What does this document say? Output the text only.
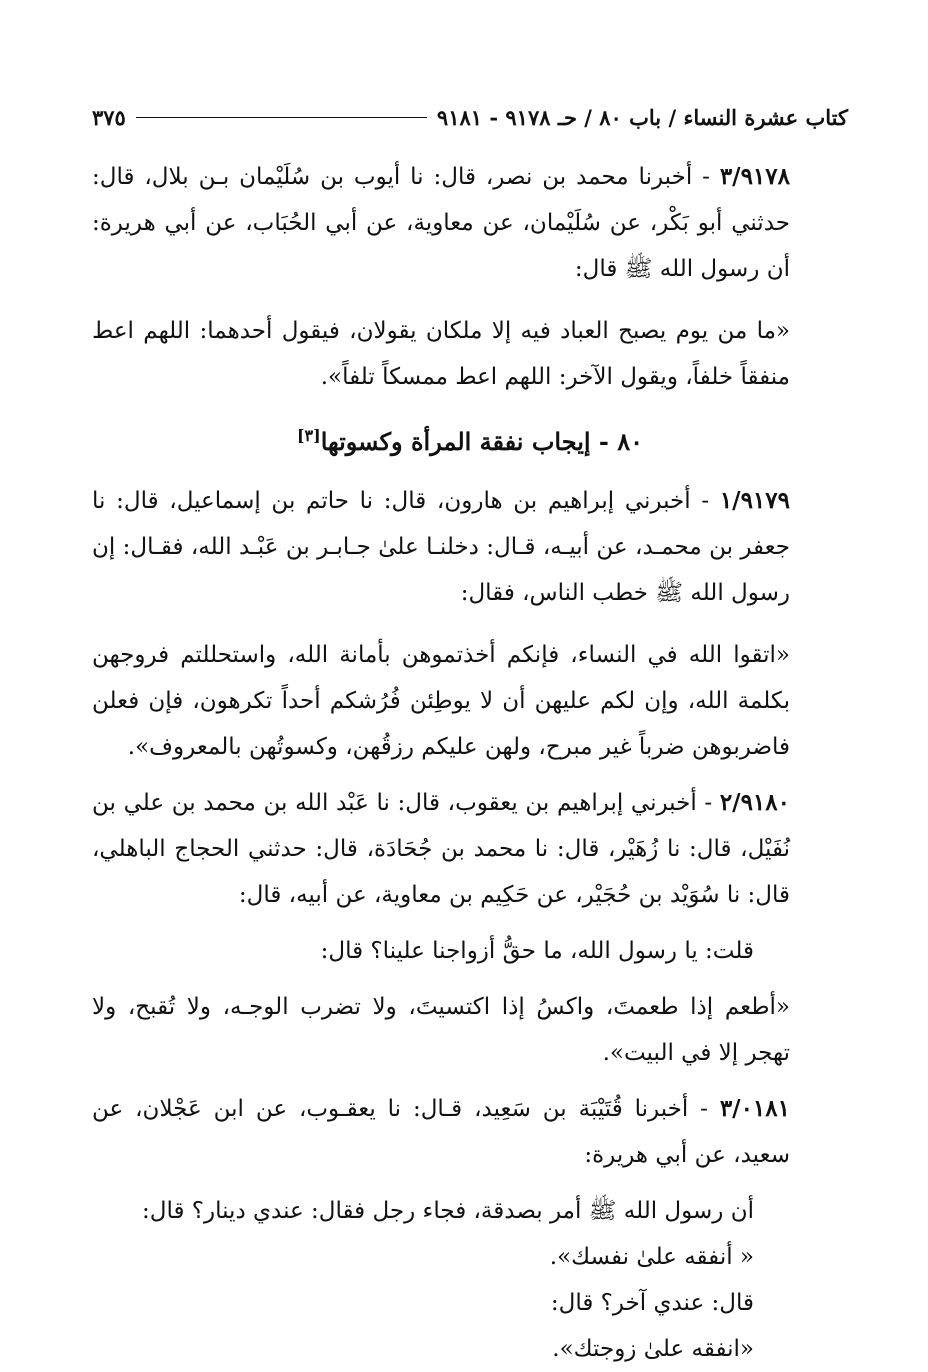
كتاب عشرة النساء / باب ٨٠ / حـ ٩١٧٨ - ٩١٨١
٣٧٥

٣/٩١٧٨ - أخبرنا محمد بن نصر، قال: نا أيوب بن سُلَيْمان بـن بلال، قال: حدثني أبو بَكْر، عن سُلَيْمان، عن معاوية، عن أبي الحُبَاب، عن أبي هريرة: أن رسول الله ﷺ قال:

«ما من يوم يصبح العباد فيه إلا ملكان يقولان، فيقول أحدهما: اللهم اعط منفقاً خلفاً، ويقول الآخر: اللهم اعط ممسكاً تلفاً».

٨٠ - إيجاب نفقة المرأة وكسوتها[٣]

١/٩١٧٩ - أخبرني إبراهيم بن هارون، قال: نا حاتم بن إسماعيل، قال: نا جعفر بن محمـد، عن أبيـه، قـال: دخلنـا علىٰ جـابـر بن عَبْـد الله، فقـال: إن رسول الله ﷺ خطب الناس، فقال:

«اتقوا الله في النساء، فإنكم أخذتموهن بأمانة الله، واستحللتم فروجهن بكلمة الله، وإن لكم عليهن أن لا يوطِئن فُرُشكم أحداً تكرهون، فإن فعلن فاضربوهن ضرباً غير مبرح، ولهن عليكم رزقُهن، وكسوتُهن بالمعروف».

٢/٩١٨٠ - أخبرني إبراهيم بن يعقوب، قال: نا عَبْد الله بن محمد بن علي بن نُفَيْل، قال: نا زُهَيْر، قال: نا محمد بن جُحَادَة، قال: حدثني الحجاج الباهلي، قال: نا سُوَيْد بن حُجَيْر، عن حَكِيم بن معاوية، عن أبيه، قال:

قلت: يا رسول الله، ما حقُّ أزواجنا علينا؟ قال:

«أطعم إذا طعمتَ، واكسُ إذا اكتسيتَ، ولا تضرب الوجـه، ولا تُقبح، ولا تهجر إلا في البيت».

٣/٠١٨١ - أخبرنا قُتَيْبَة بن سَعِيد، قـال: نا يعقـوب، عن ابن عَجْلان، عن سعيد، عن أبي هريرة:

أن رسول الله ﷺ أمر بصدقة، فجاء رجل فقال: عندي دينار؟ قال:

« أنفقه علىٰ نفسك».

قال: عندي آخر؟ قال:

«انفقه علىٰ زوجتك».
